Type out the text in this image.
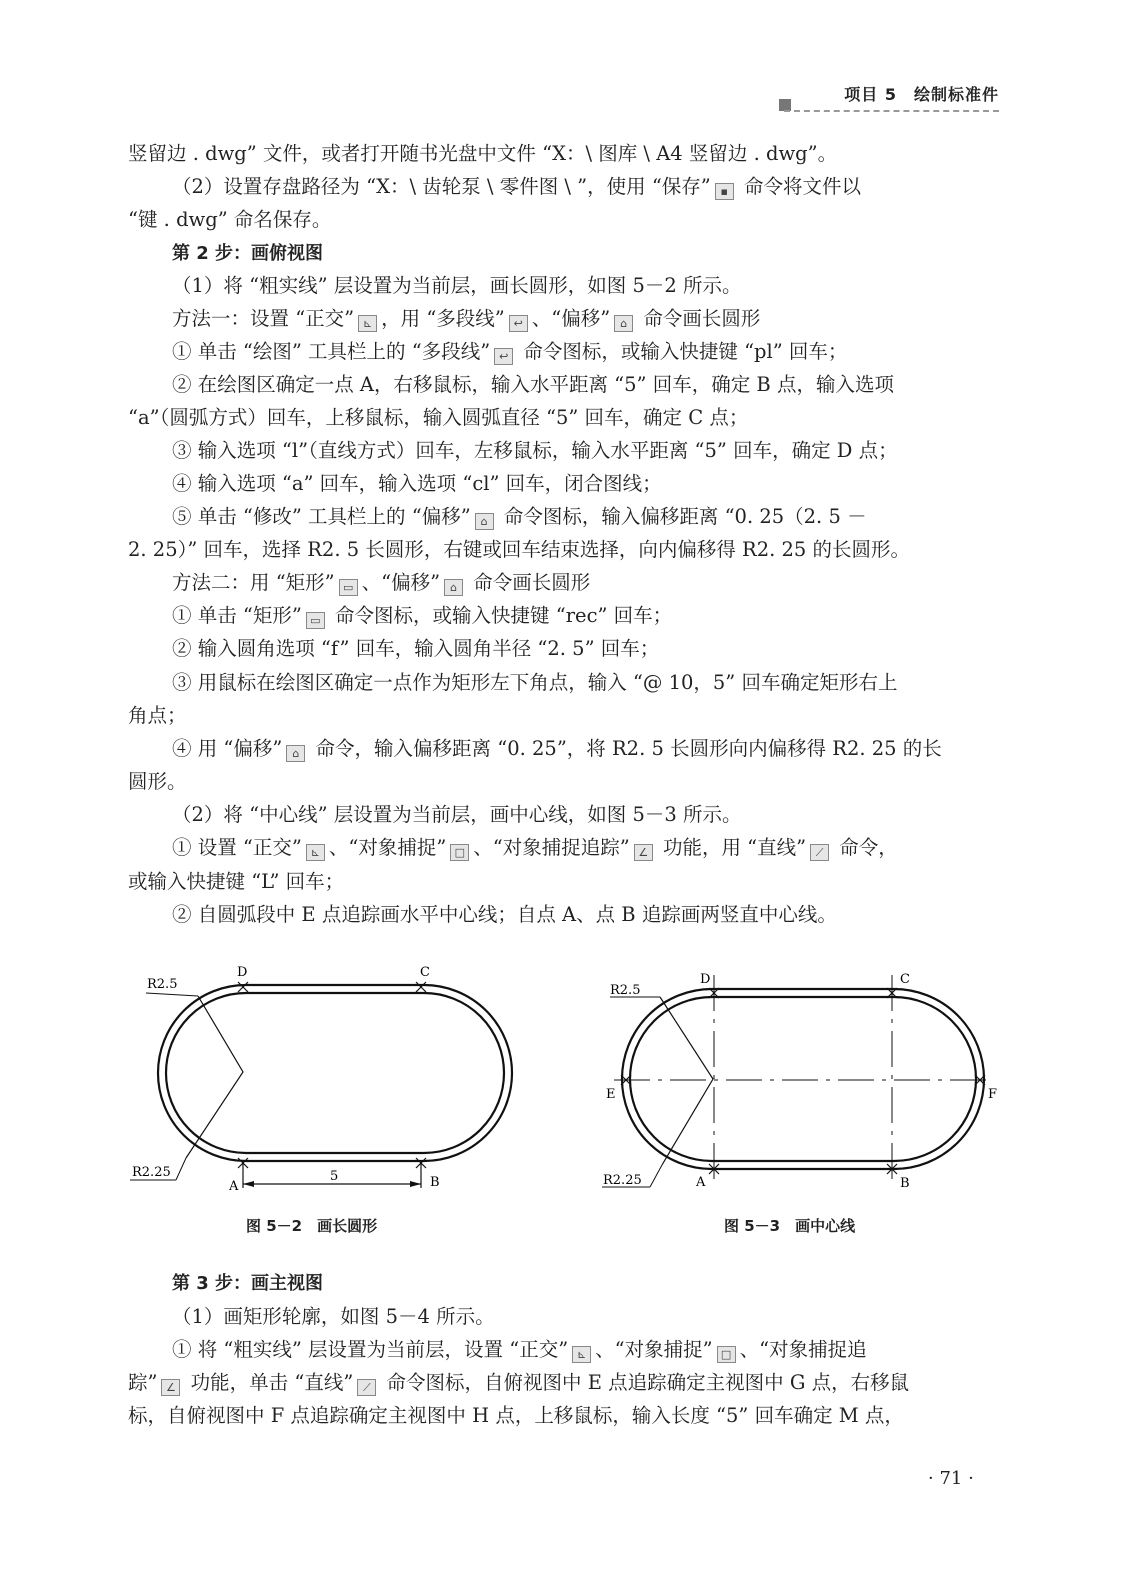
项目 5　绘制标准件
竖留边 . dwg” 文件，或者打开随书光盘中文件 “X：\ 图库 \ A4 竖留边 . dwg”。
（2）设置存盘路径为 “X：\ 齿轮泵 \ 零件图 \ ”，使用 “保存” ▪ 命令将文件以
“键 . dwg” 命名保存。
第 2 步：画俯视图
（1）将 “粗实线” 层设置为当前层，画长圆形，如图 5－2 所示。
方法一：设置 “正交” ⊾ ，用 “多段线” ↩ 、“偏移” ⌂ 命令画长圆形
① 单击 “绘图” 工具栏上的 “多段线” ↩ 命令图标，或输入快捷键 “pl” 回车；
② 在绘图区确定一点 A，右移鼠标，输入水平距离 “5” 回车，确定 B 点，输入选项
“a”（圆弧方式）回车，上移鼠标，输入圆弧直径 “5” 回车，确定 C 点；
③ 输入选项 “l”（直线方式）回车，左移鼠标，输入水平距离 “5” 回车，确定 D 点；
④ 输入选项 “a” 回车，输入选项 “cl” 回车，闭合图线；
⑤ 单击 “修改” 工具栏上的 “偏移” ⌂ 命令图标，输入偏移距离 “0. 25（2. 5 －
2. 25）” 回车，选择 R2. 5 长圆形，右键或回车结束选择，向内偏移得 R2. 25 的长圆形。
方法二：用 “矩形” ▭ 、“偏移” ⌂ 命令画长圆形
① 单击 “矩形” ▭ 命令图标，或输入快捷键 “rec” 回车；
② 输入圆角选项 “f” 回车，输入圆角半径 “2. 5” 回车；
③ 用鼠标在绘图区确定一点作为矩形左下角点，输入 “@ 10，5” 回车确定矩形右上
角点；
④ 用 “偏移” ⌂ 命令，输入偏移距离 “0. 25”，将 R2. 5 长圆形向内偏移得 R2. 25 的长
圆形。
（2）将 “中心线” 层设置为当前层，画中心线，如图 5－3 所示。
① 设置 “正交” ⊾ 、“对象捕捉” □ 、“对象捕捉追踪” ∠ 功能，用 “直线” ⟋ 命令，
或输入快捷键 “L” 回车；
② 自圆弧段中 E 点追踪画水平中心线；自点 A、点 B 追踪画两竖直中心线。
R2.5
R2.25
D	C
A	B
5
R2.5
R2.25
D	C
A	B
E	F
图 5－2　画长圆形	图 5－3　画中心线
第 3 步：画主视图
（1）画矩形轮廓，如图 5－4 所示。
① 将 “粗实线” 层设置为当前层，设置 “正交” ⊾ 、“对象捕捉” □ 、“对象捕捉追
踪” ∠ 功能，单击 “直线” ⟋ 命令图标，自俯视图中 E 点追踪确定主视图中 G 点，右移鼠
标，自俯视图中 F 点追踪确定主视图中 H 点，上移鼠标，输入长度 “5” 回车确定 M 点，
· 71 ·
